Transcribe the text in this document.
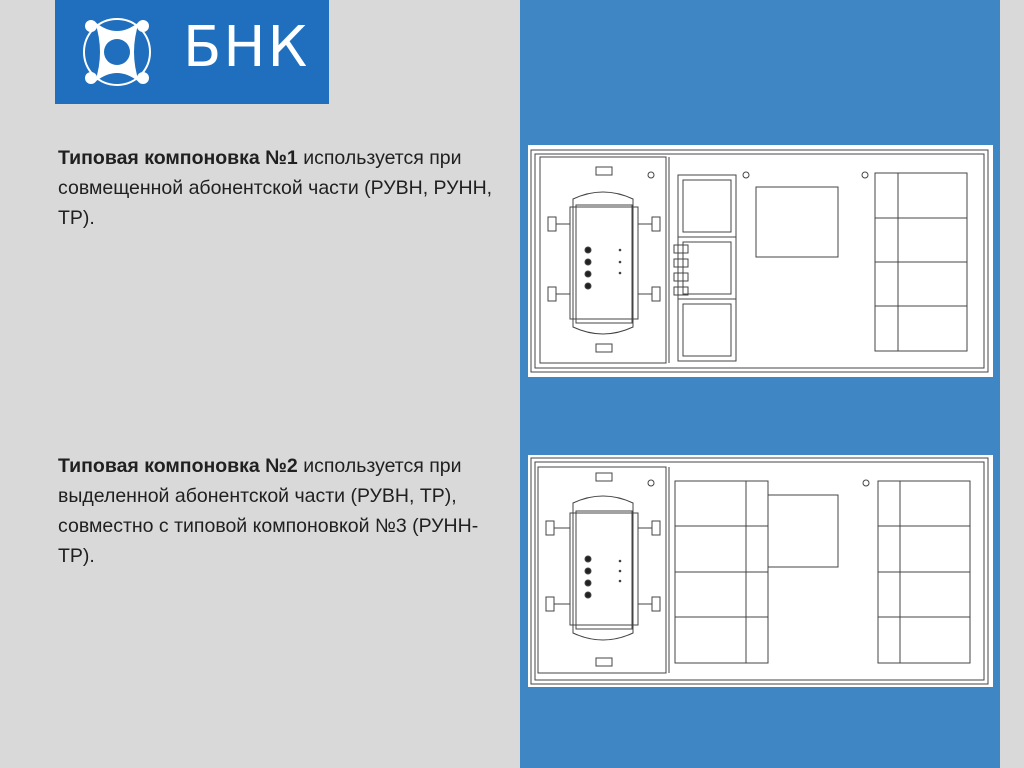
БНК
Типовая компоновка №1 используется при совмещенной абонентской части (РУВН, РУНН, ТР).
Типовая компоновка №2 используется при выделенной абонентской части (РУВН, ТР), совместно с типовой компоновкой №3 (РУНН-ТР).
